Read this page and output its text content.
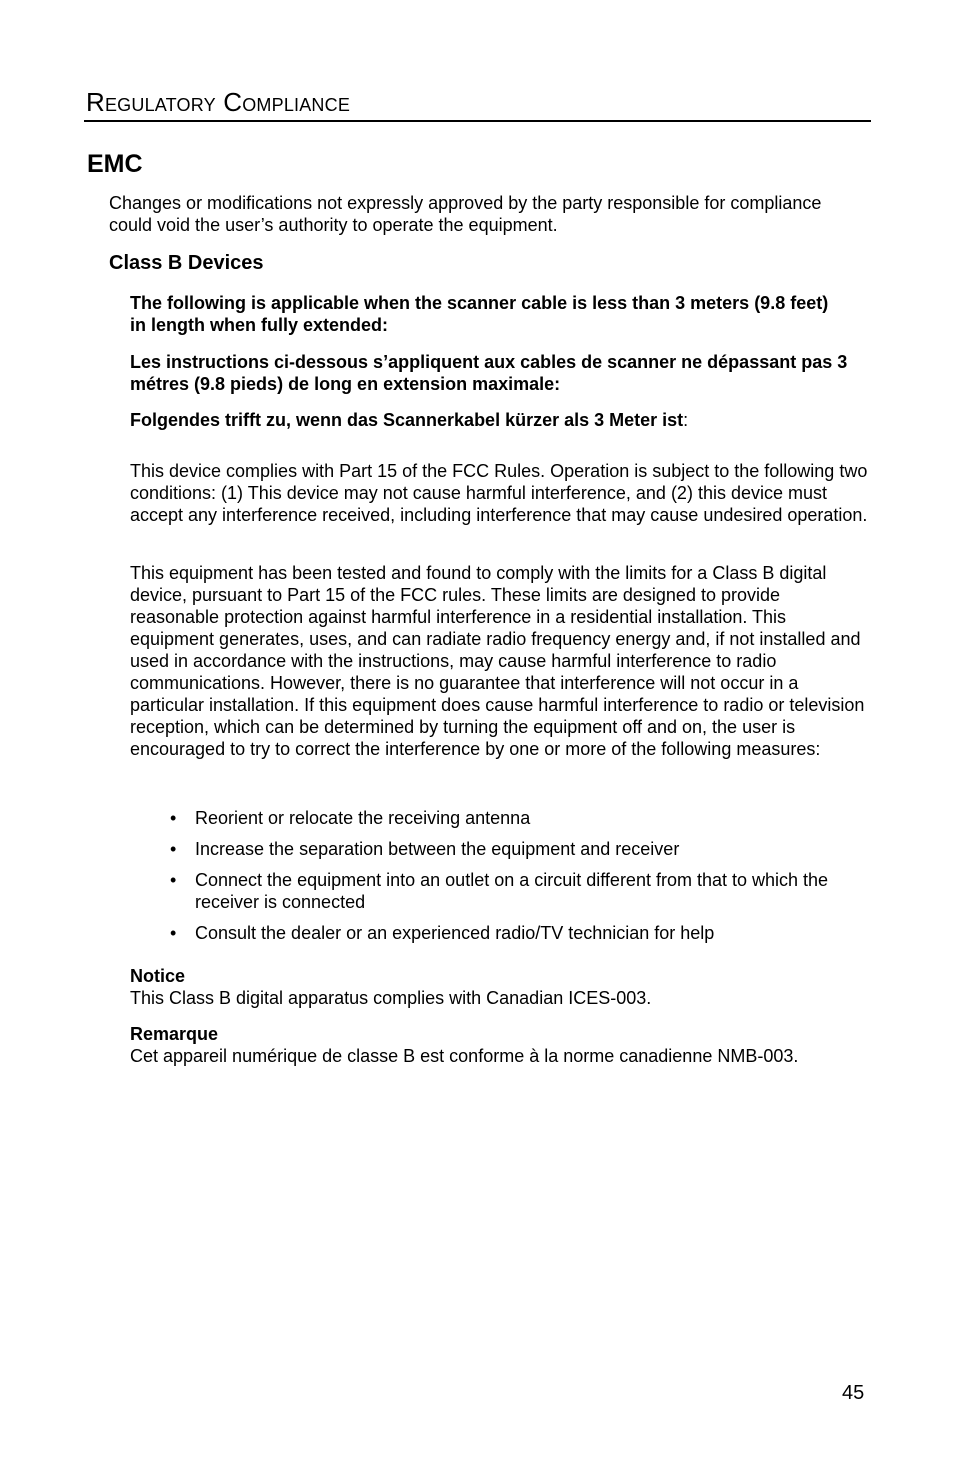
Regulatory Compliance
EMC

Changes or modifications not expressly approved by the party responsible for compliance could void the user’s authority to operate the equipment.

Class B Devices

The following is applicable when the scanner cable is less than 3 meters (9.8 feet) in length when fully extended:

Les instructions ci-dessous s’appliquent aux cables de scanner ne dépassant pas 3 métres (9.8 pieds) de long en extension maximale:

Folgendes trifft zu, wenn das Scannerkabel kürzer als 3 Meter ist:

This device complies with Part 15 of the FCC Rules. Operation is subject to the following two conditions: (1) This device may not cause harmful interference, and (2) this device must accept any interference received, including interference that may cause undesired operation.

This equipment has been tested and found to comply with the limits for a Class B digital device, pursuant to Part 15 of the FCC rules. These limits are designed to provide reasonable protection against harmful interference in a residential installation. This equipment generates, uses, and can radiate radio frequency energy and, if not installed and used in accordance with the instructions, may cause harmful interference to radio communications. However, there is no guarantee that interference will not occur in a particular installation. If this equipment does cause harmful interference to radio or television reception, which can be determined by turning the equipment off and on, the user is encouraged to try to correct the interference by one or more of the following measures:

• Reorient or relocate the receiving antenna
• Increase the separation between the equipment and receiver
• Connect the equipment into an outlet on a circuit different from that to which the receiver is connected
• Consult the dealer or an experienced radio/TV technician for help
Notice
This Class B digital apparatus complies with Canadian ICES-003.
Remarque
Cet appareil numérique de classe B est conforme à la norme canadienne NMB-003.
45
